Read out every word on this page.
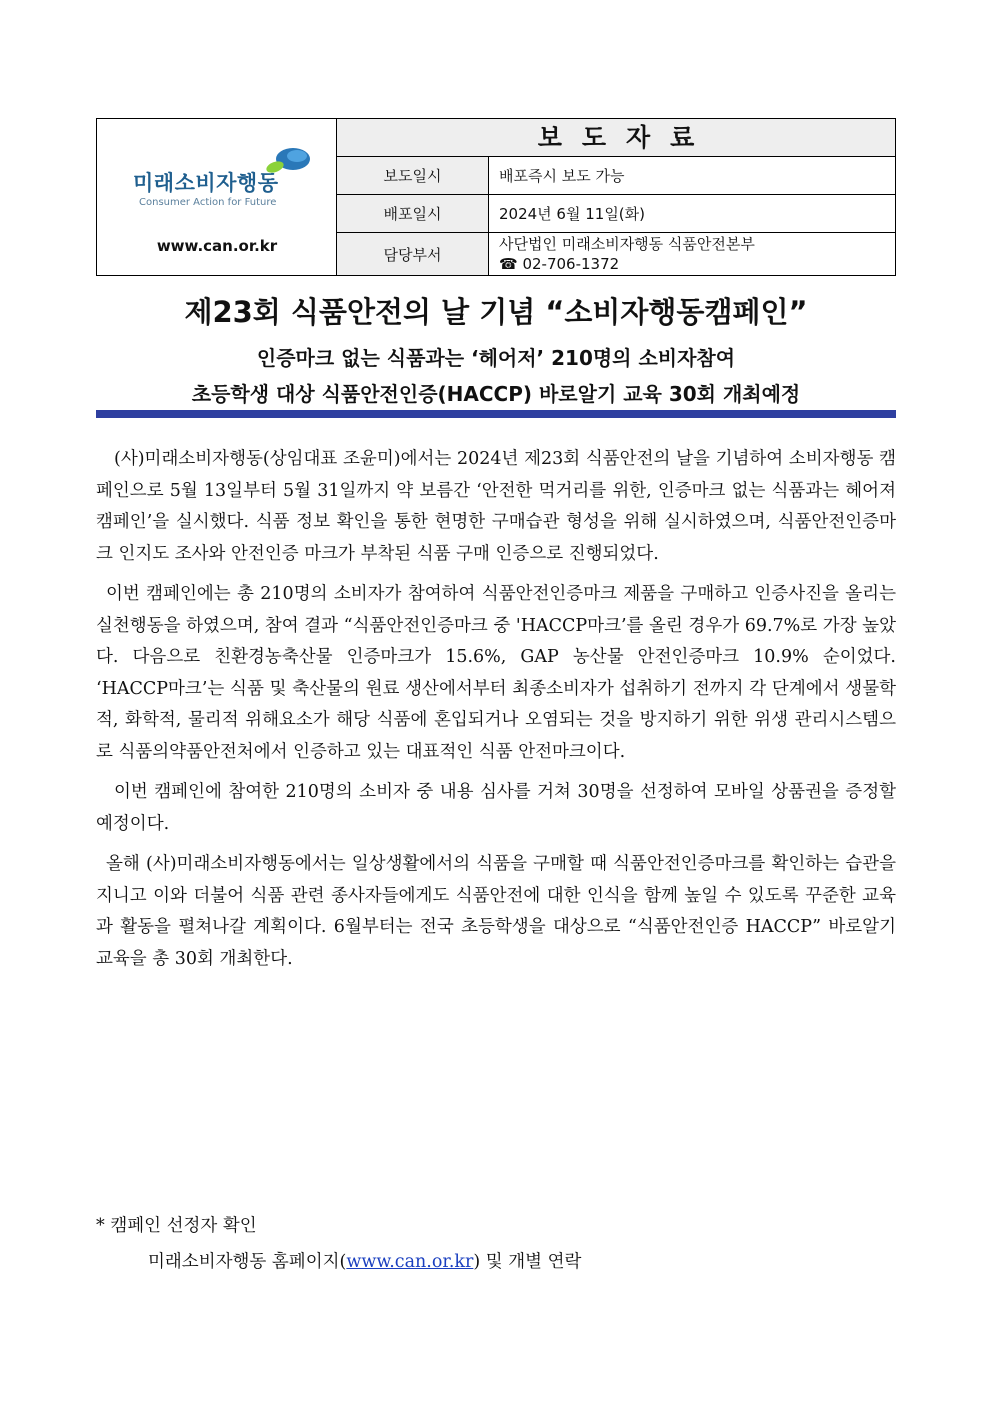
미래소비자행동
Consumer Action for Future
www.can.or.kr
보도자료
보도일시	배포즉시 보도 가능
배포일시	2024년 6월 11일(화)
담당부서
사단법인 미래소비자행동 식품안전본부
☎ 02-706-1372
제23회 식품안전의 날 기념 “소비자행동캠페인”
인증마크 없는 식품과는 ‘헤어저’ 210명의 소비자참여
초등학생 대상 식품안전인증(HACCP) 바로알기 교육 30회 개최예정

(사)미래소비자행동(상임대표 조윤미)에서는 2024년 제23회 식품안전의 날을 기념하여 소비자행동 캠페인으로 5월 13일부터 5월 31일까지 약 보름간 ‘안전한 먹거리를 위한, 인증마크 없는 식품과는 헤어져 캠페인’을 실시했다. 식품 정보 확인을 통한 현명한 구매습관 형성을 위해 실시하였으며, 식품안전인증마크 인지도 조사와 안전인증 마크가 부착된 식품 구매 인증으로 진행되었다.

이번 캠페인에는 총 210명의 소비자가 참여하여 식품안전인증마크 제품을 구매하고 인증사진을 올리는 실천행동을 하였으며, 참여 결과 “식품안전인증마크 중 'HACCP마크’를 올린 경우가 69.7%로 가장 높았다. 다음으로 친환경농축산물 인증마크가 15.6%, GAP 농산물 안전인증마크 10.9% 순이었다. ‘HACCP마크’는 식품 및 축산물의 원료 생산에서부터 최종소비자가 섭취하기 전까지 각 단계에서 생물학적, 화학적, 물리적 위해요소가 해당 식품에 혼입되거나 오염되는 것을 방지하기 위한 위생 관리시스템으로 식품의약품안전처에서 인증하고 있는 대표적인 식품 안전마크이다.

이번 캠페인에 참여한 210명의 소비자 중 내용 심사를 거쳐 30명을 선정하여 모바일 상품권을 증정할 예정이다.

올해 (사)미래소비자행동에서는 일상생활에서의 식품을 구매할 때 식품안전인증마크를 확인하는 습관을 지니고 이와 더불어 식품 관련 종사자들에게도 식품안전에 대한 인식을 함께 높일 수 있도록 꾸준한 교육과 활동을 펼쳐나갈 계획이다. 6월부터는 전국 초등학생을 대상으로 “식품안전인증 HACCP” 바로알기 교육을 총 30회 개최한다.

* 캠페인 선정자 확인
미래소비자행동 홈페이지(www.can.or.kr) 및 개별 연락
